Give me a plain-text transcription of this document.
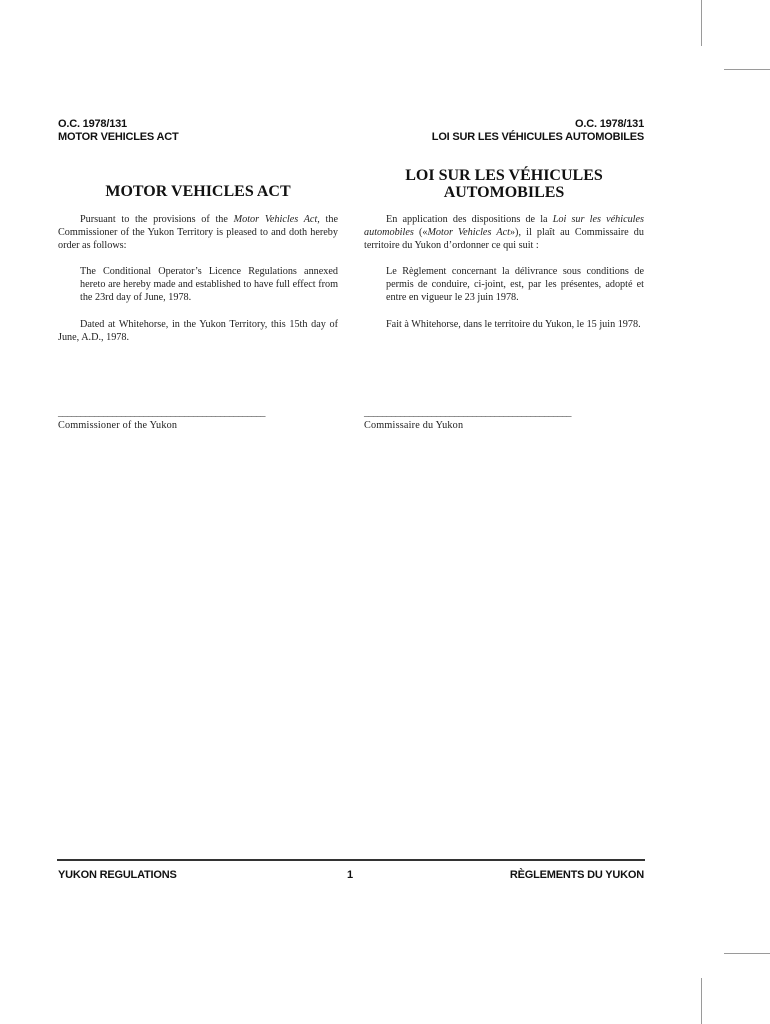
O.C. 1978/131
MOTOR VEHICLES ACT
O.C. 1978/131
LOI SUR LES VÉHICULES AUTOMOBILES
MOTOR VEHICLES ACT
LOI SUR LES VÉHICULES
AUTOMOBILES

Pursuant to the provisions of the Motor Vehicles Act, the Commissioner of the Yukon Territory is pleased to and doth hereby order as follows:

The Conditional Operator’s Licence Regulations annexed hereto are hereby made and established to have full effect from the 23rd day of June, 1978.

Dated at Whitehorse, in the Yukon Territory, this 15th day of June, A.D., 1978.

En application des dispositions de la Loi sur les véhicules automobiles («Motor Vehicles Act»), il plaît au Commissaire du territoire du Yukon d’ordonner ce qui suit :

Le Règlement concernant la délivrance sous conditions de permis de conduire, ci-joint, est, par les présentes, adopté et entre en vigueur le 23 juin 1978.

Fait à Whitehorse, dans le territoire du Yukon, le 15 juin 1978.

______________________________________________
Commissioner of the Yukon
______________________________________________
Commissaire du Yukon
YUKON REGULATIONS	1	RÈGLEMENTS DU YUKON
